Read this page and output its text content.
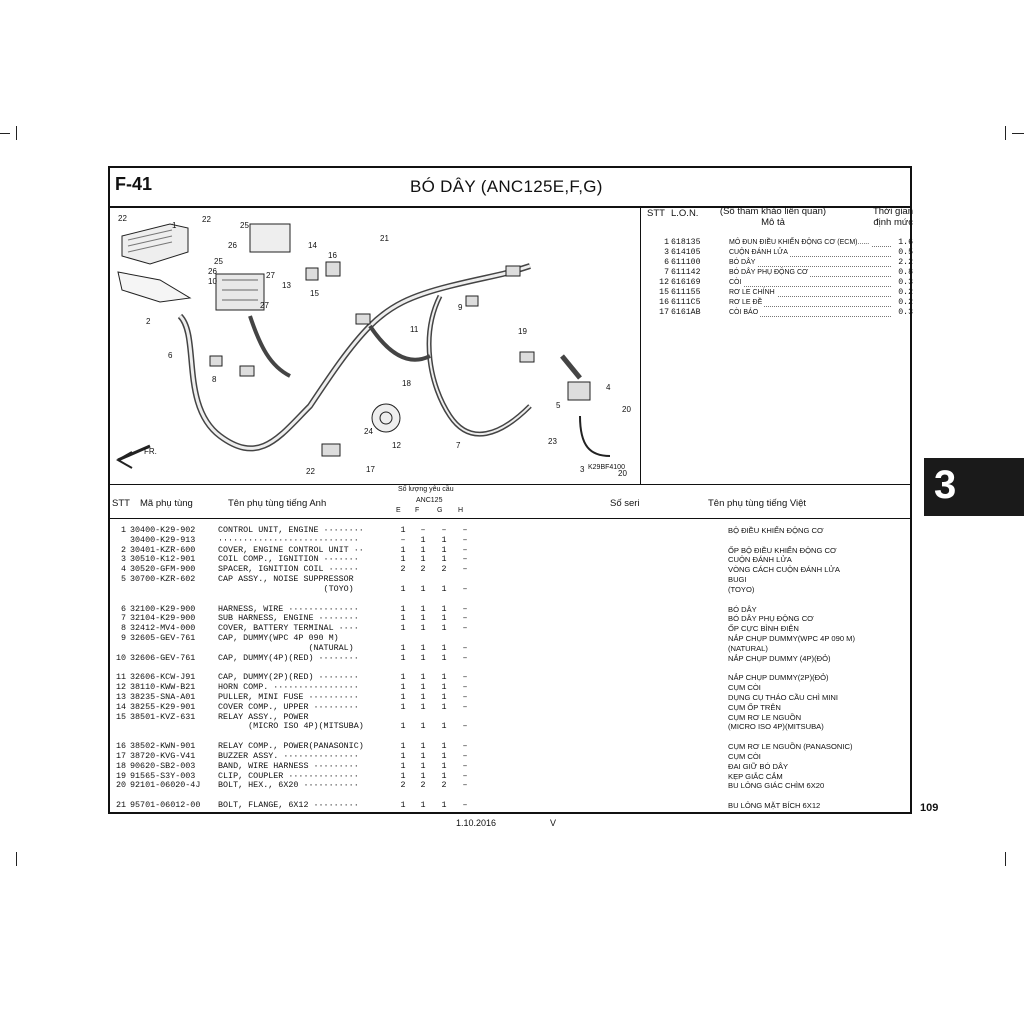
F-41	BÓ DÂY (ANC125E,F,G)
22
1
22
25
26
25
14
16
10
26	27
13
15
21
2
6
27	9
11	19
8	18
5
4
20
24
12	7	23
3	20
17
22
FR.
K29BF4100
STT L.O.N.	(Số tham khảo liên quan)
Mô tả
Thời gian
định mức
1 618135	MÔ ĐUN ĐIỀU KHIỂN ĐỘNG CƠ (ECM)......	1.6
3 614105	CUỘN ĐÁNH LỬA	0.5
6 611100	BÓ DÂY	2.2
7 611142	BÓ DÂY PHỤ ĐỘNG CƠ	0.8
12 616169	CÒI	0.3
15 611155	RƠ LE CHÍNH	0.2
16 6111C5	RƠ LE ĐỀ	0.2
17 6161AB	CÒI BÁO	0.3
STT Mã phụ tùng	Tên phụ tùng tiếng Anh
Số lượng yêu cầu
ANC125
E F	G H
Số seri	Tên phụ tùng tiếng Việt
1 30400-K29-902	CONTROL UNIT, ENGINE ········	1 – – –	BỘ ĐIỀU KHIỂN ĐỘNG CƠ
30400-K29-913	····························	– 1 1 –
2 30401-KZR-600	COVER, ENGINE CONTROL UNIT ··	1 1 1 –	ỐP BỘ ĐIỀU KHIỂN ĐỘNG CƠ
3 30510-K12-901	COIL COMP., IGNITION ·······	1 1 1 –	CUỘN ĐÁNH LỬA
4 30520-GFM-900	SPACER, IGNITION COIL ······	2 2 2 –	VÒNG CÁCH CUỘN ĐÁNH LỬA
5 30700-KZR-602	CAP ASSY., NOISE SUPPRESSOR	BUGI
(TOYO)	1 1 1 –	(TOYO)
6 32100-K29-900	HARNESS, WIRE ··············	1 1 1 –	BÓ DÂY
7 32104-K29-900	SUB HARNESS, ENGINE ········	1 1 1 –	BÓ DÂY PHỤ ĐỘNG CƠ
8 32412-MV4-000	COVER, BATTERY TERMINAL ····	1 1 1 –	ỐP CỰC BÌNH ĐIỆN
9 32605-GEV-761	CAP, DUMMY(WPC 4P 090 M)	NẮP CHỤP DUMMY(WPC 4P 090 M)
(NATURAL)	1 1 1 –	(NATURAL)
10 32606-GEV-761	CAP, DUMMY(4P)(RED) ········	1 1 1 –	NẮP CHỤP DUMMY (4P)(ĐỎ)
11 32606-KCW-J91	CAP, DUMMY(2P)(RED) ········	1 1 1 –	NẮP CHỤP DUMMY(2P)(ĐỎ)
12 38110-KWW-B21	HORN COMP. ·················	1 1 1 –	CỤM CÒI
13 38235-SNA-A01	PULLER, MINI FUSE ··········	1 1 1 –	DỤNG CỤ THÁO CẦU CHÌ MINI
14 38255-K29-901	COVER COMP., UPPER ·········	1 1 1 –	CỤM ỐP TRÊN
15 38501-KVZ-631	RELAY ASSY., POWER	CỤM RƠ LE NGUỒN
(MICRO ISO 4P)(MITSUBA)	1 1 1 –	(MICRO ISO 4P)(MITSUBA)
16 38502-KWN-901	RELAY COMP., POWER(PANASONIC)	1 1 1 –	CỤM RƠ LE NGUỒN (PANASONIC)
17 38720-KVG-V41	BUZZER ASSY. ···············	1 1 1 –	CỤM CÒI
18 90620-SB2-003	BAND, WIRE HARNESS ·········	1 1 1 –	ĐAI GIỮ BÓ DÂY
19 91565-S3Y-003	CLIP, COUPLER ··············	1 1 1 –	KẸP GIẮC CẮM
20 92101-06020-4J BOLT, HEX., 6X20 ···········	2 2 2 –	BU LÔNG GIÁC CHÌM 6X20
21 95701-06012-00 BOLT, FLANGE, 6X12 ·········	1 1 1 –	BU LÔNG MẶT BÍCH 6X12	109
3
1.10.2016	V
